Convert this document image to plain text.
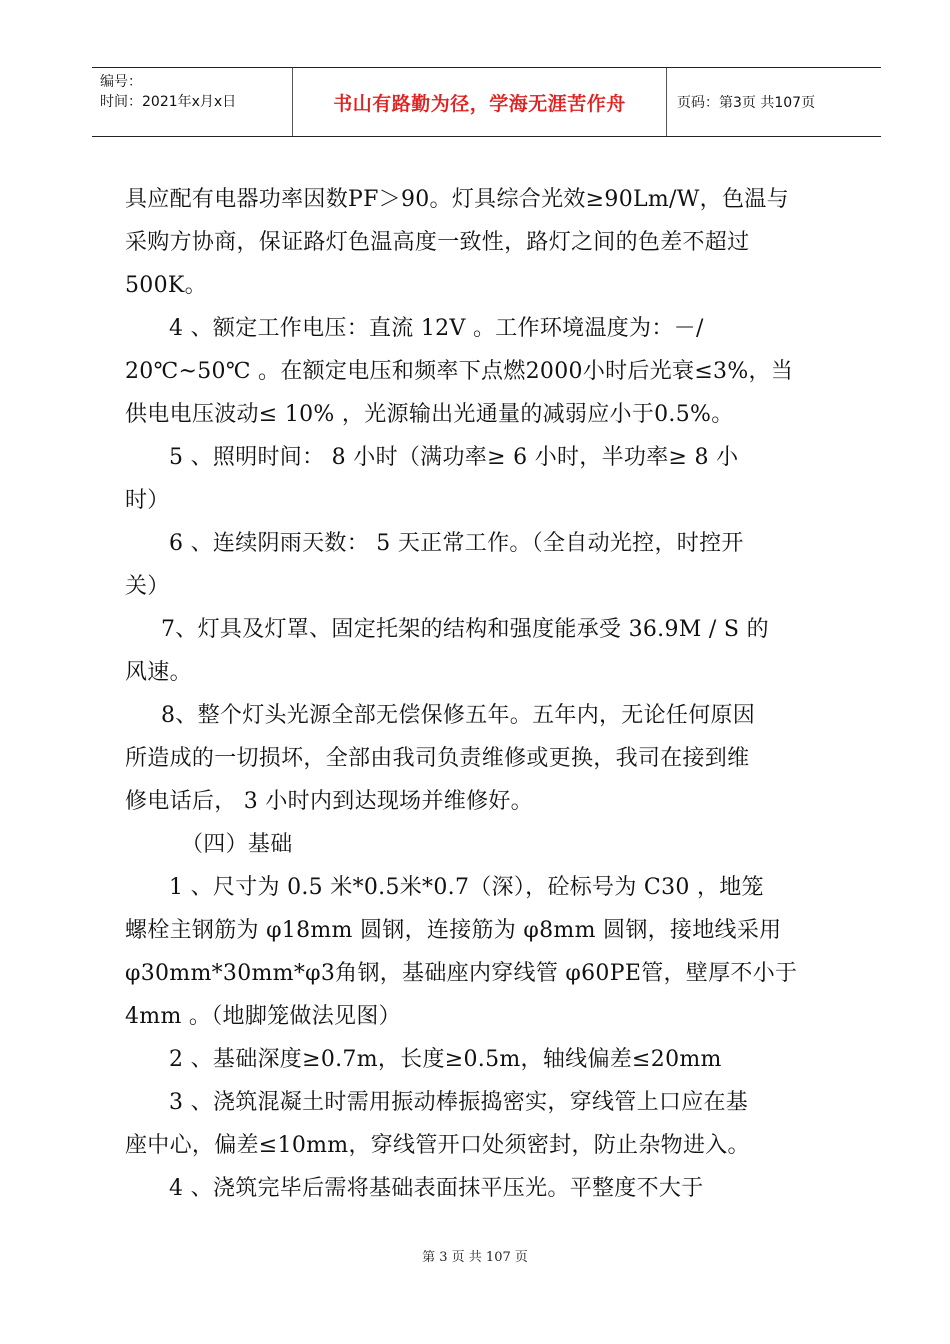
编号：
时间：2021年x月x日	书山有路勤为径，学海无涯苦作舟	页码：第3页 共107页

具应配有电器功率因数PF＞90。灯具综合光效≥90Lm/W，色温与

采购方协商，保证路灯色温高度一致性，路灯之间的色差不超过

500K。

4 、额定工作电压：直流 12V 。工作环境温度为：－/

20℃~50℃ 。在额定电压和频率下点燃2000小时后光衰≤3%，当

供电电压波动≤ 10% ，光源输出光通量的减弱应小于0.5%。

5 、照明时间： 8 小时（满功率≥ 6 小时，半功率≥ 8 小

时）

6 、连续阴雨天数： 5 天正常工作。（全自动光控，时控开

关）

7、灯具及灯罩、固定托架的结构和强度能承受 36.9M / S 的

风速。

8、整个灯头光源全部无偿保修五年。五年内，无论任何原因

所造成的一切损坏，全部由我司负责维修或更换，我司在接到维

修电话后， 3 小时内到达现场并维修好。

（四）基础

1 、尺寸为 0.5 米*0.5米*0.7（深），砼标号为 C30 ，地笼

螺栓主钢筋为 φ18mm 圆钢，连接筋为 φ8mm 圆钢，接地线采用

φ30mm*30mm*φ3角钢，基础座内穿线管 φ60PE管，壁厚不小于

4mm 。（地脚笼做法见图）

2 、基础深度≥0.7m，长度≥0.5m，轴线偏差≤20mm

3 、浇筑混凝土时需用振动棒振捣密实，穿线管上口应在基

座中心，偏差≤10mm，穿线管开口处须密封，防止杂物进入。

4 、浇筑完毕后需将基础表面抹平压光。平整度不大于

第 3 页 共 107 页
